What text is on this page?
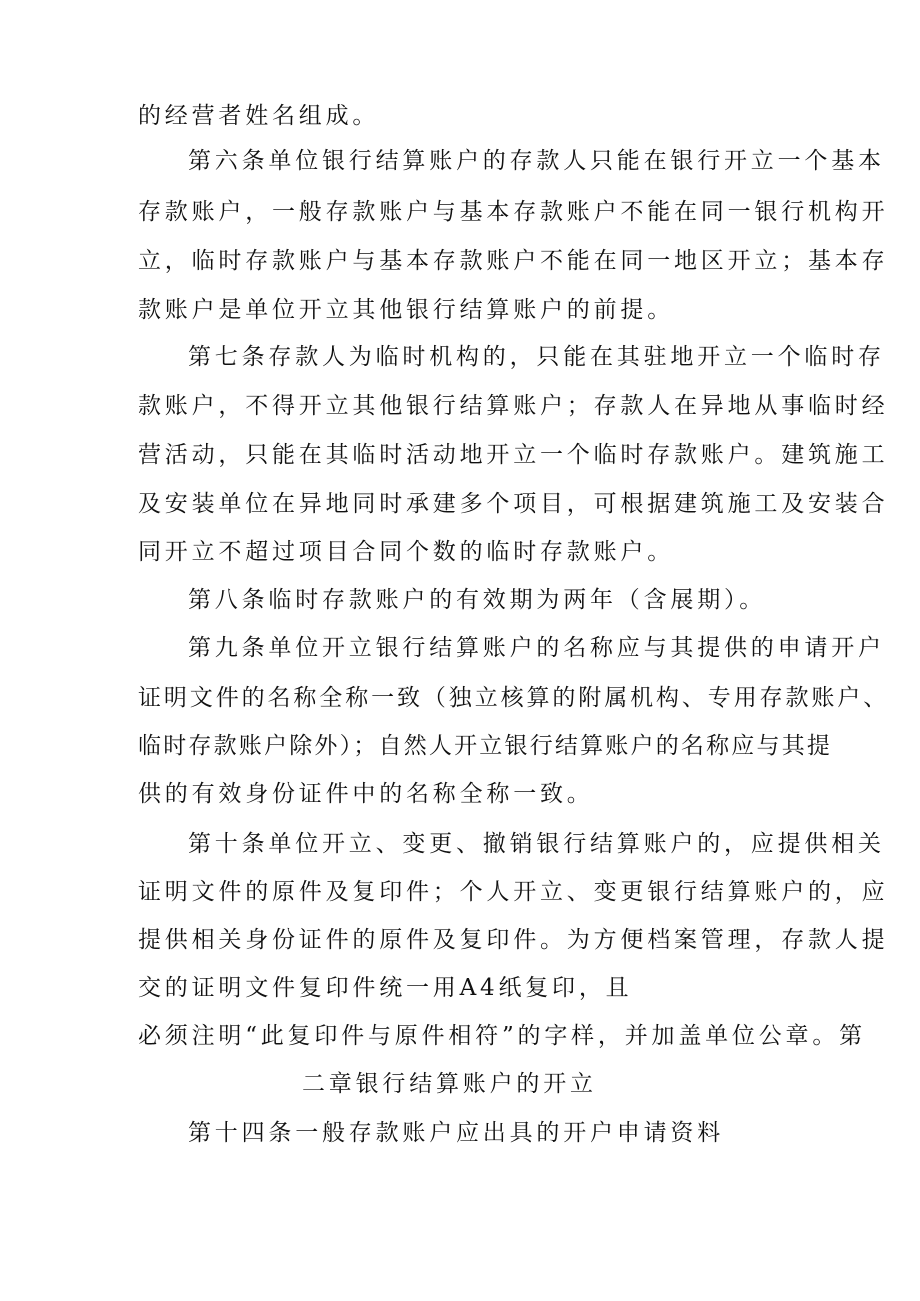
的经营者姓名组成。
第六条单位银行结算账户的存款人只能在银行开立一个基本
存款账户，一般存款账户与基本存款账户不能在同一银行机构开
立，临时存款账户与基本存款账户不能在同一地区开立；基本存
款账户是单位开立其他银行结算账户的前提。
第七条存款人为临时机构的，只能在其驻地开立一个临时存
款账户，不得开立其他银行结算账户；存款人在异地从事临时经
营活动，只能在其临时活动地开立一个临时存款账户。建筑施工
及安装单位在异地同时承建多个项目，可根据建筑施工及安装合
同开立不超过项目合同个数的临时存款账户。
第八条临时存款账户的有效期为两年（含展期）。
第九条单位开立银行结算账户的名称应与其提供的申请开户
证明文件的名称全称一致（独立核算的附属机构、专用存款账户、
临时存款账户除外）；自然人开立银行结算账户的名称应与其提
供的有效身份证件中的名称全称一致。
第十条单位开立、变更、撤销银行结算账户的，应提供相关
证明文件的原件及复印件；个人开立、变更银行结算账户的，应
提供相关身份证件的原件及复印件。为方便档案管理，存款人提
交的证明文件复印件统一用A4纸复印，且
必须注明“此复印件与原件相符”的字样，并加盖单位公章。第
二章银行结算账户的开立
第十四条一般存款账户应出具的开户申请资料
